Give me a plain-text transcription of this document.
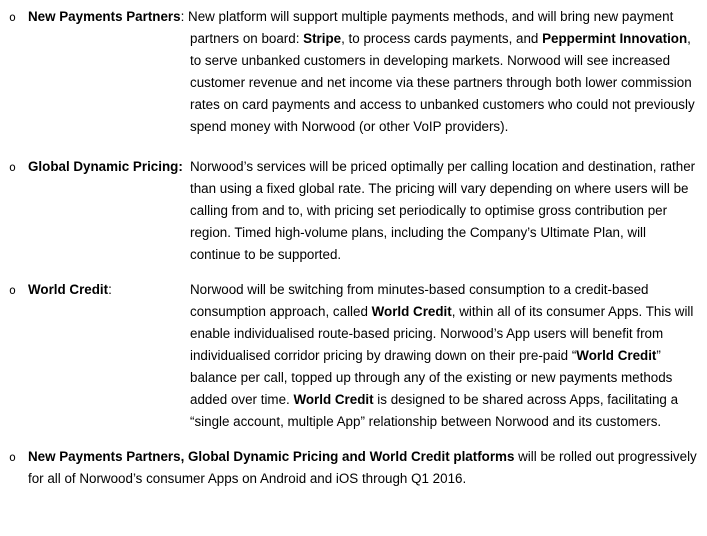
o New Payments Partners: New platform will support multiple payments methods, and will bring new payment partners on board: Stripe, to process cards payments, and Peppermint Innovation, to serve unbanked customers in developing markets. Norwood will see increased customer revenue and net income via these partners through both lower commission rates on card payments and access to unbanked customers who could not previously spend money with Norwood (or other VoIP providers).

o Global Dynamic Pricing:Norwood’s services will be priced optimally per calling location and destination, rather than using a fixed global rate. The pricing will vary depending on where users will be calling from and to, with pricing set periodically to optimise gross contribution per region. Timed high-volume plans, including the Company’s Ultimate Plan, will continue to be supported.

o World Credit:	Norwood will be switching from minutes-based consumption to a credit-based consumption approach, called World Credit, within all of its consumer Apps. This will enable individualised route-based pricing. Norwood’s App users will benefit from individualised corridor pricing by drawing down on their pre-paid “World Credit” balance per call, topped up through any of the existing or new payments methods added over time. World Credit is designed to be shared across Apps, facilitating a “single account, multiple App” relationship between Norwood and its customers.

o New Payments Partners, Global Dynamic Pricing and World Credit platforms will be rolled out progressively for all of Norwood’s consumer Apps on Android and iOS through Q1 2016.
